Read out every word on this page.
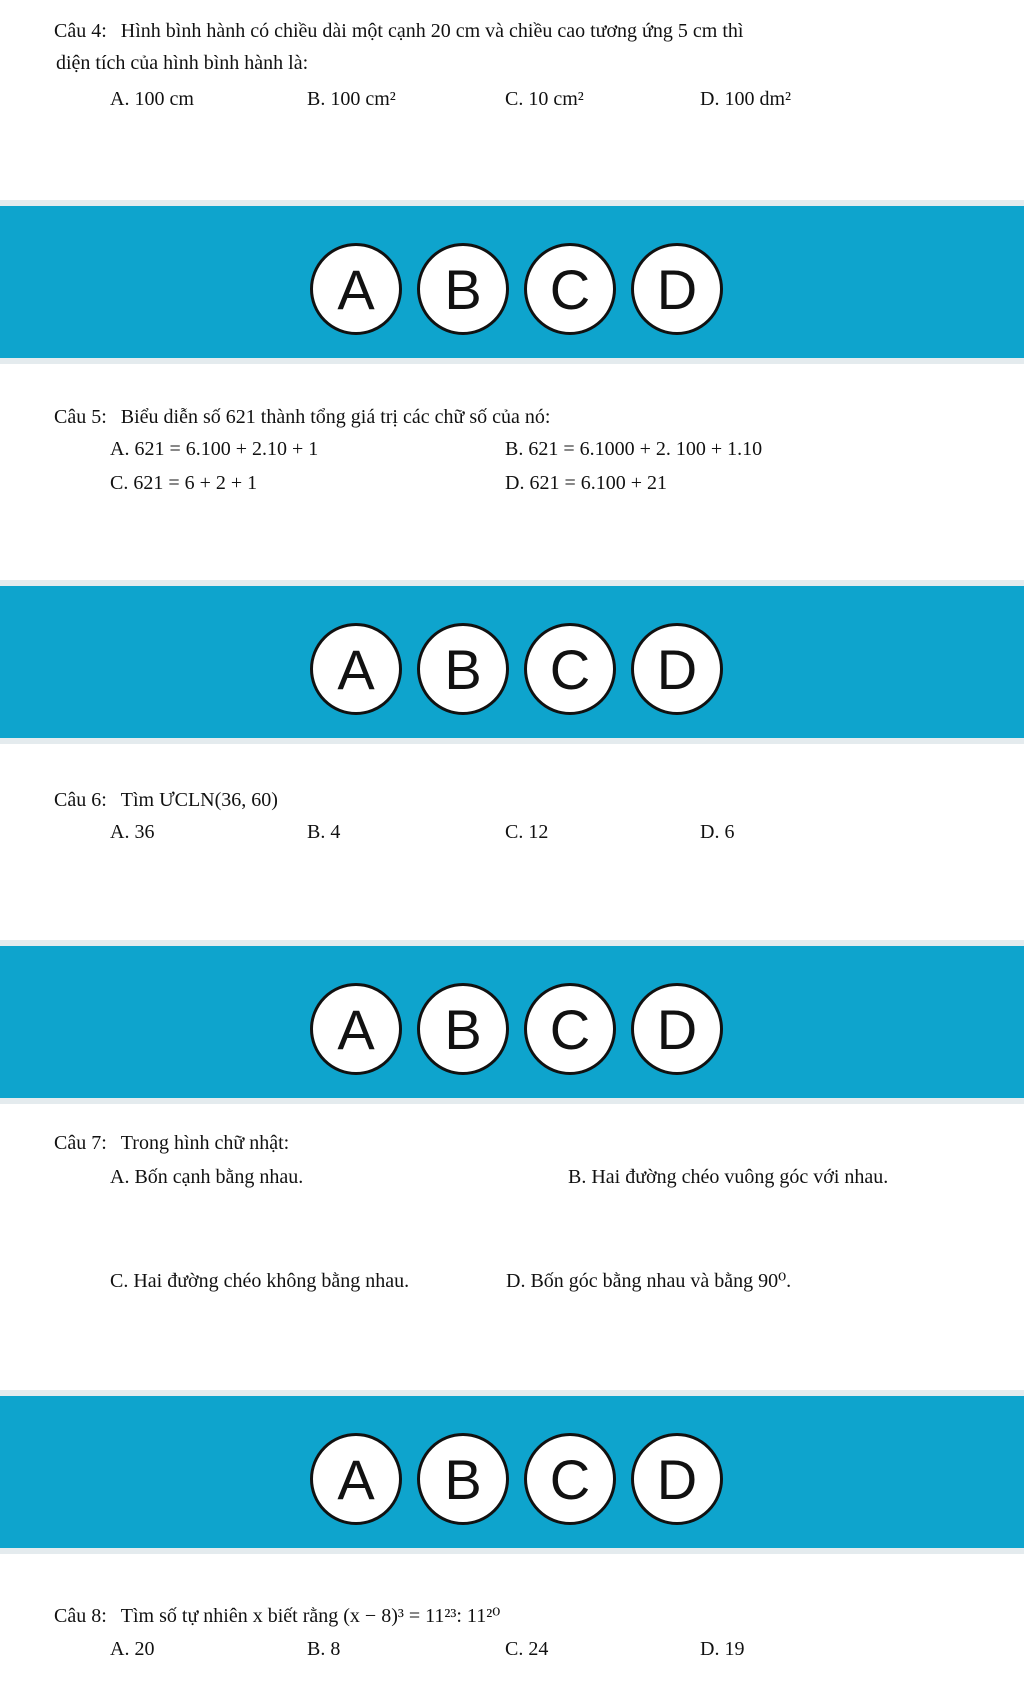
Câu 4: Hình bình hành có chiều dài một cạnh 20 cm và chiều cao tương ứng 5 cm thì
diện tích của hình bình hành là:
A. 100 cm	B. 100 cm²	C. 10 cm²	D. 100 dm²
A	B	C	D
Câu 5: Biểu diễn số 621 thành tổng giá trị các chữ số của nó:
A. 621 = 6.100 + 2.10 + 1	B. 621 = 6.1000 + 2. 100 + 1.10
C. 621 = 6 + 2 + 1	D. 621 = 6.100 + 21
A	B	C	D
Câu 6: Tìm ƯCLN(36, 60)
A. 36	B. 4	C. 12	D. 6
A	B	C	D
Câu 7: Trong hình chữ nhật:
A. Bốn cạnh bằng nhau.	B. Hai đường chéo vuông góc với nhau.
C. Hai đường chéo không bằng nhau.	D. Bốn góc bằng nhau và bằng 90⁰.
A	B	C	D
Câu 8: Tìm số tự nhiên x biết rằng (x − 8)³ = 11²³: 11²⁰
A. 20	B. 8	C. 24	D. 19
